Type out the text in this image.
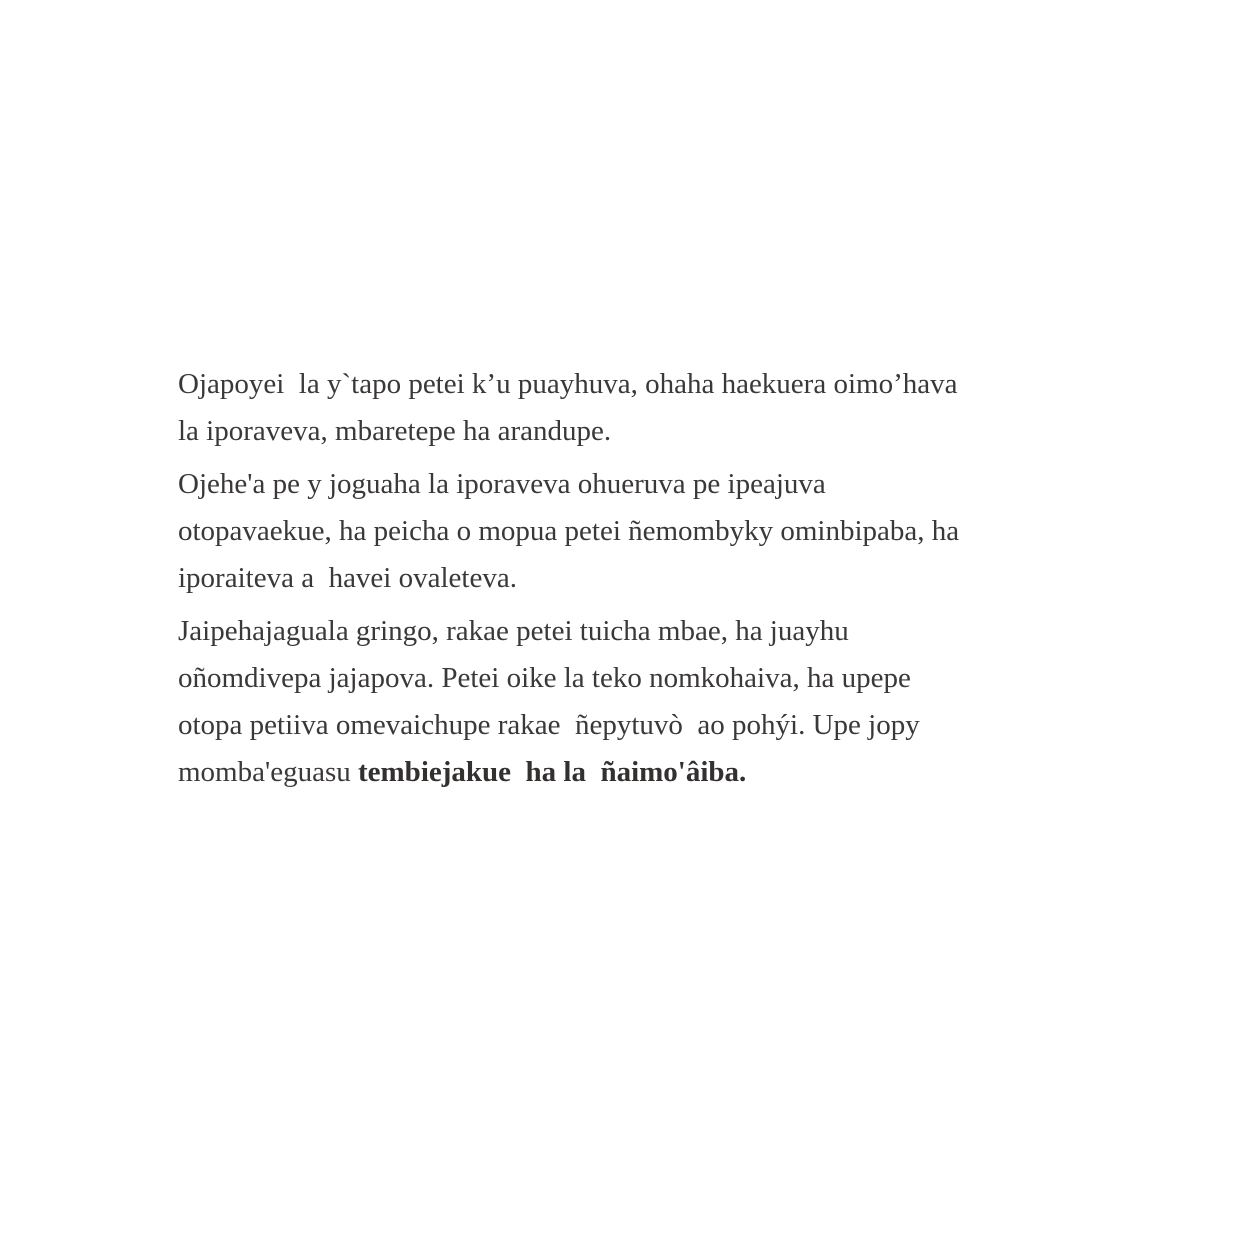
Ojapoyei  la y`tapo petei k’u puayhuva, ohaha haekuera oimo’hava
la iporaveva, mbaretepe ha arandupe.

Ojehe'a pe y joguaha la iporaveva ohueruva pe ipeajuva
otopavaekue, ha peicha o mopua petei ñemombyky ominbipaba, ha
iporaiteva a  havei ovaleteva.

Jaipehajaguala gringo, rakae petei tuicha mbae, ha juayhu
oñomdivepa jajapova. Petei oike la teko nomkohaiva, ha upepe
otopa petiiva omevaichupe rakae  ñepytuvò  ao pohýi. Upe jopy
momba'eguasu tembiejakue  ha la  ñaimo'âiba.
